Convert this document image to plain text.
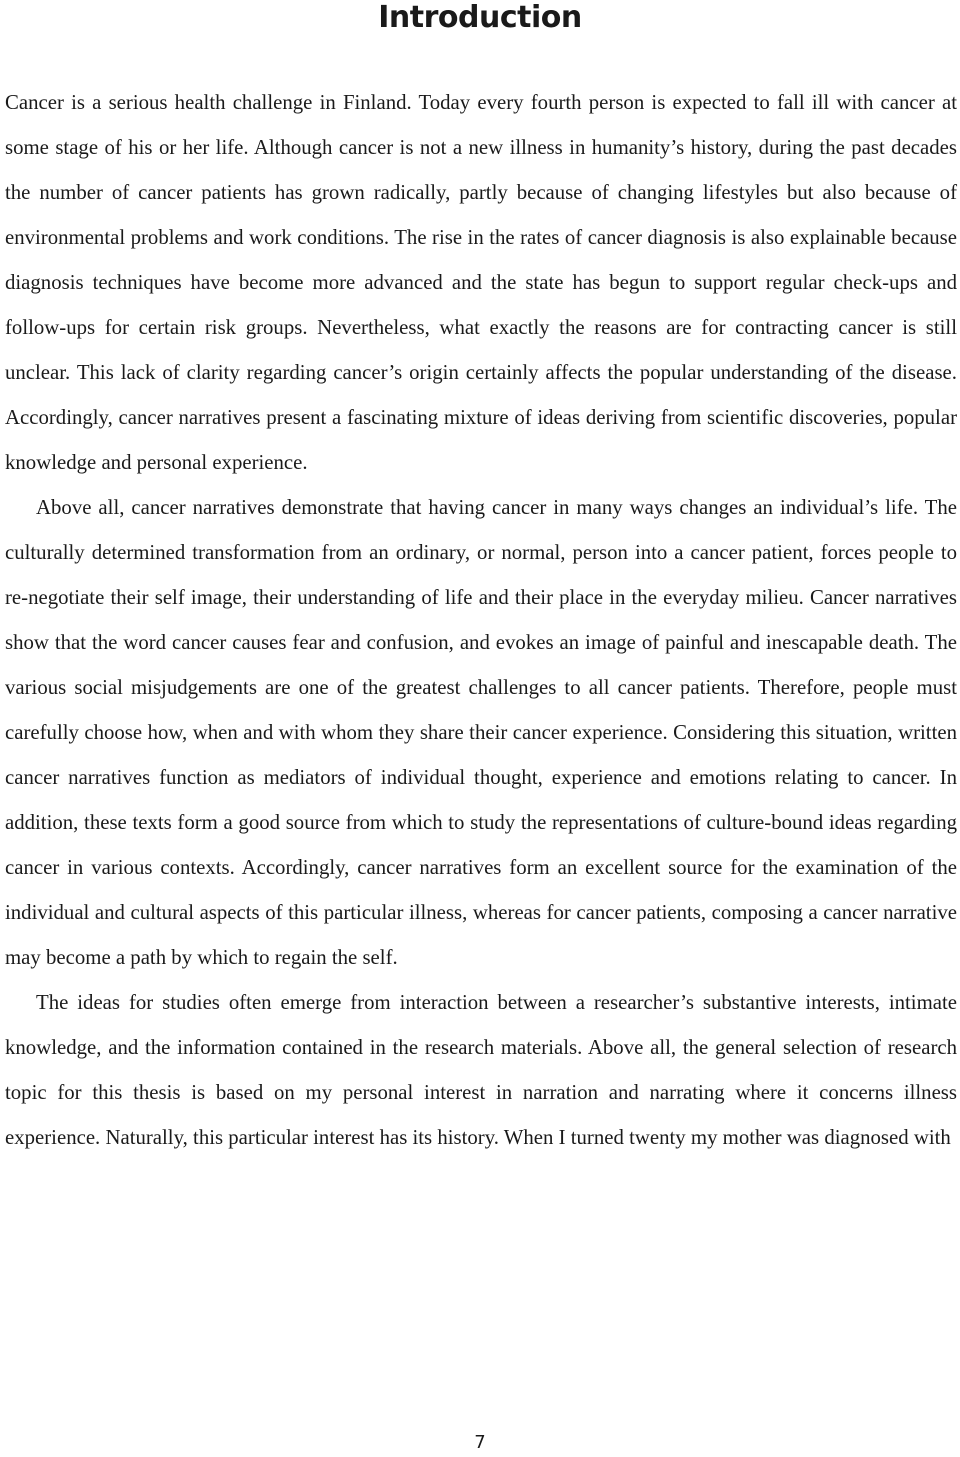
Introduction

Cancer is a serious health challenge in Finland. Today every fourth person is expected to fall ill with cancer at some stage of his or her life. Although cancer is not a new illness in humanity’s history, during the past decades the number of cancer patients has grown radically, partly because of changing lifestyles but also because of environmental problems and work conditions. The rise in the rates of cancer diagnosis is also explainable because diagnosis techniques have become more advanced and the state has begun to support regular check-ups and follow-ups for certain risk groups. Nevertheless, what exactly the reasons are for contracting cancer is still unclear. This lack of clarity regarding cancer’s origin certainly affects the popular understanding of the disease. Accordingly, cancer narratives present a fascinating mixture of ideas deriving from scientific discoveries, popular knowledge and personal experience.

Above all, cancer narratives demonstrate that having cancer in many ways changes an individual’s life. The culturally determined transformation from an ordinary, or normal, person into a cancer patient, forces people to re-negotiate their self image, their understanding of life and their place in the everyday milieu. Cancer narratives show that the word cancer causes fear and confusion, and evokes an image of painful and inescapable death. The various social misjudgements are one of the greatest challenges to all cancer patients. Therefore, people must carefully choose how, when and with whom they share their cancer experience. Considering this situation, written cancer narratives function as mediators of individual thought, experience and emotions relating to cancer. In addition, these texts form a good source from which to study the representations of culture-bound ideas regarding cancer in various contexts. Accordingly, cancer narratives form an excellent source for the examination of the individual and cultural aspects of this particular illness, whereas for cancer patients, composing a cancer narrative may become a path by which to regain the self.

The ideas for studies often emerge from interaction between a researcher’s substantive interests, intimate knowledge, and the information contained in the research materials. Above all, the general selection of research topic for this thesis is based on my personal interest in narration and narrating where it concerns illness experience. Naturally, this particular interest has its history. When I turned twenty my mother was diagnosed with

7
